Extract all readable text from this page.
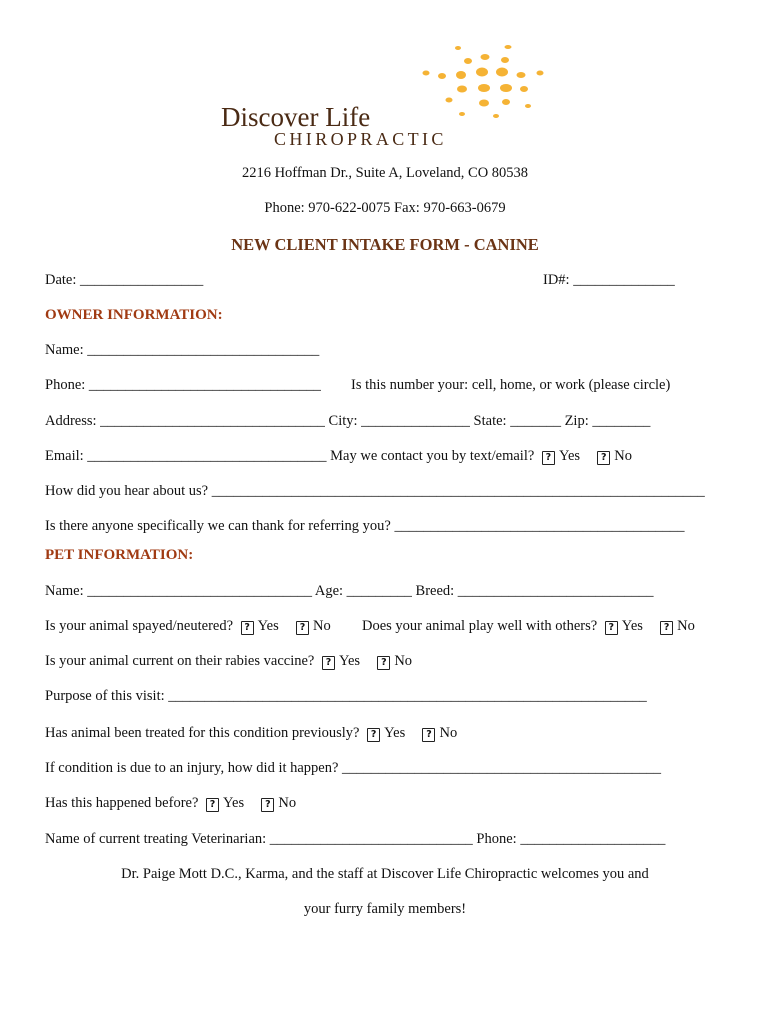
Discover Life
CHIROPRACTIC
2216 Hoffman Dr., Suite A, Loveland, CO 80538
Phone: 970-622-0075 Fax: 970-663-0679
NEW CLIENT INTAKE FORM - CANINE
Date: _________________	ID#: ______________
OWNER INFORMATION:
Name: ________________________________
Phone: ________________________________ Is this number your: cell, home, or work (please circle)
Address: _______________________________ City: _______________ State: _______ Zip: ________
Email: _________________________________ May we contact you by text/email? ? Yes ? No
How did you hear about us? ____________________________________________________________________
Is there anyone specifically we can thank for referring you? ________________________________________
PET INFORMATION:
Name: _______________________________ Age: _________ Breed: ___________________________
Is your animal spayed/neutered? ? Yes ? No Does your animal play well with others? ? Yes ? No
Is your animal current on their rabies vaccine? ? Yes ? No
Purpose of this visit: __________________________________________________________________
Has animal been treated for this condition previously? ? Yes ? No
If condition is due to an injury, how did it happen? ____________________________________________
Has this happened before? ? Yes ? No
Name of current treating Veterinarian: ____________________________ Phone: ____________________
Dr. Paige Mott D.C., Karma, and the staff at Discover Life Chiropractic welcomes you and
your furry family members!
